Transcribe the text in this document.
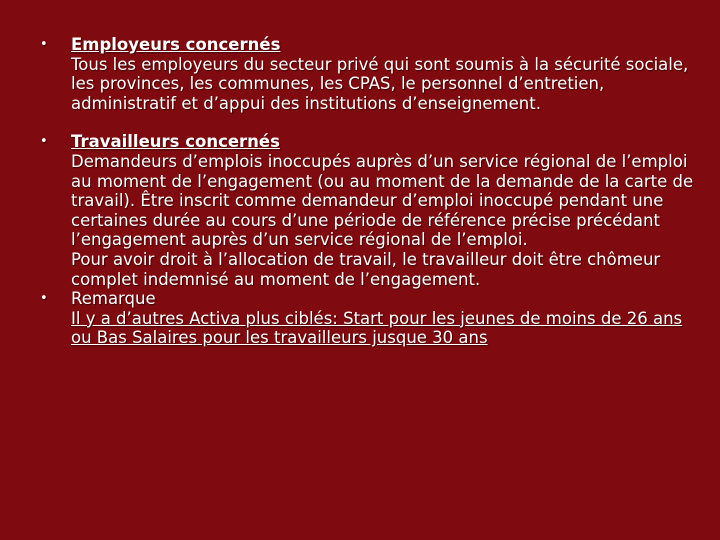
•	Employeurs concernés
Tous les employeurs du secteur privé qui sont soumis à la sécurité sociale, les provinces, les communes, les CPAS, le personnel d’entretien, administratif et d’appui des institutions d’enseignement.
•	Travailleurs concernés
Demandeurs d’emplois inoccupés auprès d’un service régional de l’emploi au moment de l’engagement (ou au moment de la demande de la carte de travail). Être inscrit comme demandeur d’emploi inoccupé pendant une certaines durée au cours d’une période de référence précise précédant l’engagement auprès d’un service régional de l’emploi.
Pour avoir droit à l’allocation de travail, le travailleur doit être chômeur complet indemnisé au moment de l’engagement.
•	Remarque
Il y a d’autres Activa plus ciblés: Start pour les jeunes de moins de 26 ans ou Bas Salaires pour les travailleurs jusque 30 ans
